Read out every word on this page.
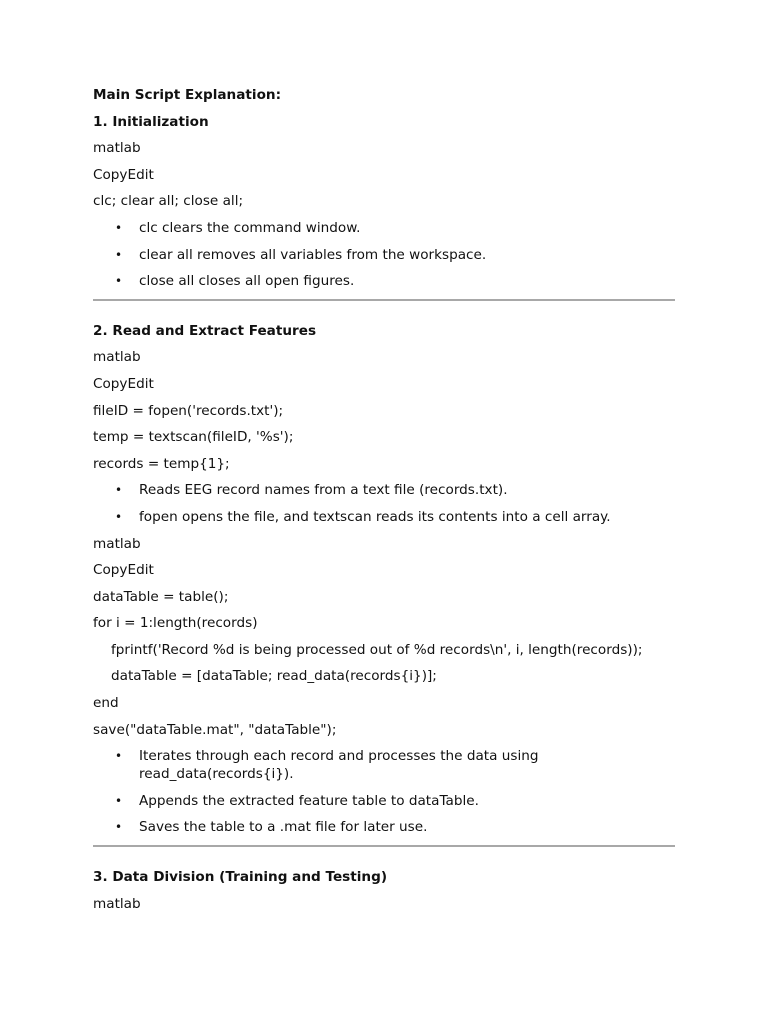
Main Script Explanation:
1. Initialization
matlab
CopyEdit
clc; clear all; close all;
• clc clears the command window.
• clear all removes all variables from the workspace.
• close all closes all open figures.
2. Read and Extract Features
matlab
CopyEdit
fileID = fopen('records.txt');
temp = textscan(fileID, '%s');
records = temp{1};
• Reads EEG record names from a text file (records.txt).
• fopen opens the file, and textscan reads its contents into a cell array.
matlab
CopyEdit
dataTable = table();
for i = 1:length(records)
fprintf('Record %d is being processed out of %d records\n', i, length(records));
dataTable = [dataTable; read_data(records{i})];
end
save("dataTable.mat", "dataTable");
• Iterates through each record and processes the data using read_data(records{i}).
• Appends the extracted feature table to dataTable.
• Saves the table to a .mat file for later use.
3. Data Division (Training and Testing)
matlab
